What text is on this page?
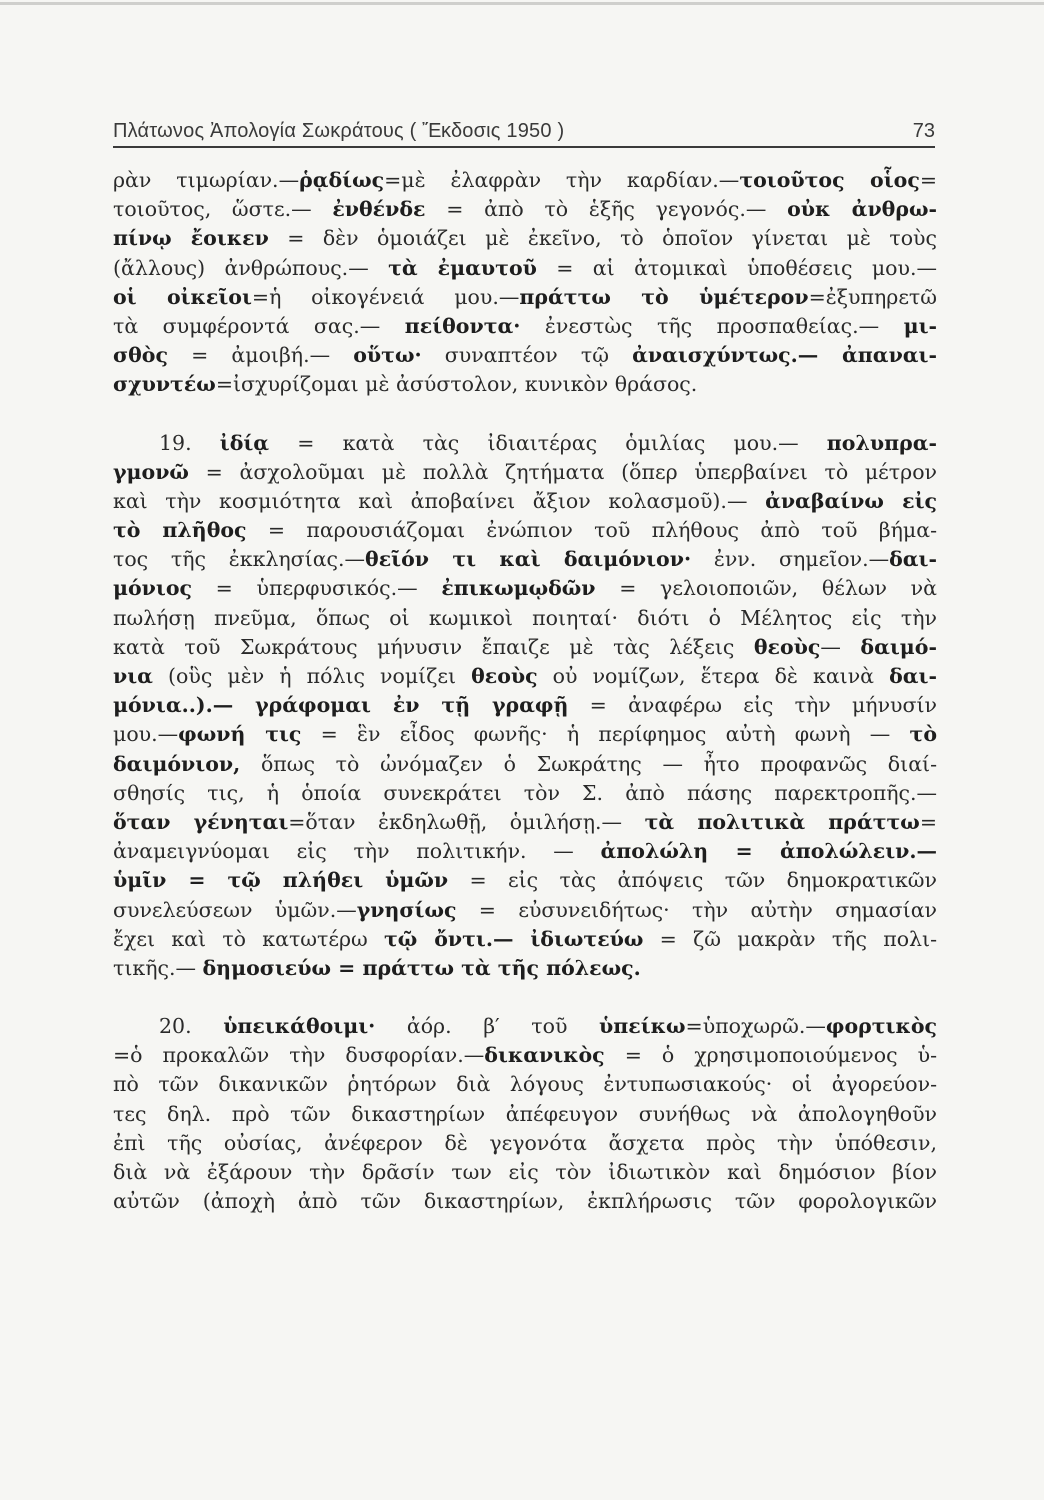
Πλάτωνος Ἀπολογία Σωκράτους ( Ἔκδοσις 1950 )	73
ρὰν τιμωρίαν.—ῥᾳδίως=μὲ ἐλαφρὰν τὴν καρδίαν.—τοιοῦτος οἷος=
τοιοῦτος, ὥστε.— ἐνθένδε = ἀπὸ τὸ ἑξῆς γεγονός.— οὐκ ἀνθρω-
πίνῳ ἔοικεν = δὲν ὁμοιάζει μὲ ἐκεῖνο, τὸ ὁποῖον γίνεται μὲ τοὺς
(ἄλλους) ἀνθρώπους.— τὰ ἐμαυτοῦ = αἱ ἀτομικαὶ ὑποθέσεις μου.—
οἱ οἰκεῖοι=ἡ οἰκογένειά μου.—πράττω τὸ ὑμέτερον=ἐξυπηρετῶ
τὰ συμφέροντά σας.— πείθοντα· ἐνεστὼς τῆς προσπαθείας.— μι-
σθὸς = ἀμοιβή.— οὕτω· συναπτέον τῷ ἀναισχύντως.— ἀπαναι-
σχυντέω=ἰσχυρίζομαι μὲ ἀσύστολον, κυνικὸν θράσος.
19. ἰδίᾳ = κατὰ τὰς ἰδιαιτέρας ὁμιλίας μου.— πολυπρα-
γμονῶ = ἀσχολοῦμαι μὲ πολλὰ ζητήματα (ὅπερ ὑπερβαίνει τὸ μέτρον
καὶ τὴν κοσμιότητα καὶ ἀποβαίνει ἄξιον κολασμοῦ).— ἀναβαίνω εἰς
τὸ πλῆθος = παρουσιάζομαι ἐνώπιον τοῦ πλήθους ἀπὸ τοῦ βήμα-
τος τῆς ἐκκλησίας.—θεῖόν τι καὶ δαιμόνιον· ἐνν. σημεῖον.—δαι-
μόνιος = ὑπερφυσικός.— ἐπικωμῳδῶν = γελοιοποιῶν, θέλων νὰ
πωλήσῃ πνεῦμα, ὅπως οἱ κωμικοὶ ποιηταί· διότι ὁ Μέλητος εἰς τὴν
κατὰ τοῦ Σωκράτους μήνυσιν ἔπαιζε μὲ τὰς λέξεις θεοὺς— δαιμό-
νια (οὓς μὲν ἡ πόλις νομίζει θεοὺς οὐ νομίζων, ἕτερα δὲ καινὰ δαι-
μόνια..).— γράφομαι ἐν τῇ γραφῇ = ἀναφέρω εἰς τὴν μήνυσίν
μου.—φωνή τις = ἓν εἶδος φωνῆς· ἡ περίφημος αὐτὴ φωνὴ — τὸ
δαιμόνιον, ὅπως τὸ ὠνόμαζεν ὁ Σωκράτης — ἦτο προφανῶς διαί-
σθησίς τις, ἡ ὁποία συνεκράτει τὸν Σ. ἀπὸ πάσης παρεκτροπῆς.—
ὅταν γένηται=ὅταν ἐκδηλωθῇ, ὁμιλήσῃ.— τὰ πολιτικὰ πράττω=
ἀναμειγνύομαι εἰς τὴν πολιτικήν. — ἀπολώλη = ἀπολώλειν.—
ὑμῖν = τῷ πλήθει ὑμῶν = εἰς τὰς ἀπόψεις τῶν δημοκρατικῶν
συνελεύσεων ὑμῶν.—γνησίως = εὐσυνειδήτως· τὴν αὐτὴν σημασίαν
ἔχει καὶ τὸ κατωτέρω τῷ ὄντι.— ἰδιωτεύω = ζῶ μακρὰν τῆς πολι-
τικῆς.— δημοσιεύω = πράττω τὰ τῆς πόλεως.
20. ὑπεικάθοιμι· ἀόρ. β′ τοῦ ὑπείκω=ὑποχωρῶ.—φορτικὸς
=ὁ προκαλῶν τὴν δυσφορίαν.—δικανικὸς = ὁ χρησιμοποιούμενος ὑ-
πὸ τῶν δικανικῶν ῥητόρων διὰ λόγους ἐντυπωσιακούς· οἱ ἀγορεύον-
τες δηλ. πρὸ τῶν δικαστηρίων ἀπέφευγον συνήθως νὰ ἀπολογηθοῦν
ἐπὶ τῆς οὐσίας, ἀνέφερον δὲ γεγονότα ἄσχετα πρὸς τὴν ὑπόθεσιν,
διὰ νὰ ἐξάρουν τὴν δρᾶσίν των εἰς τὸν ἰδιωτικὸν καὶ δημόσιον βίον
αὐτῶν (ἀποχὴ ἀπὸ τῶν δικαστηρίων, ἐκπλήρωσις τῶν φορολογικῶν
